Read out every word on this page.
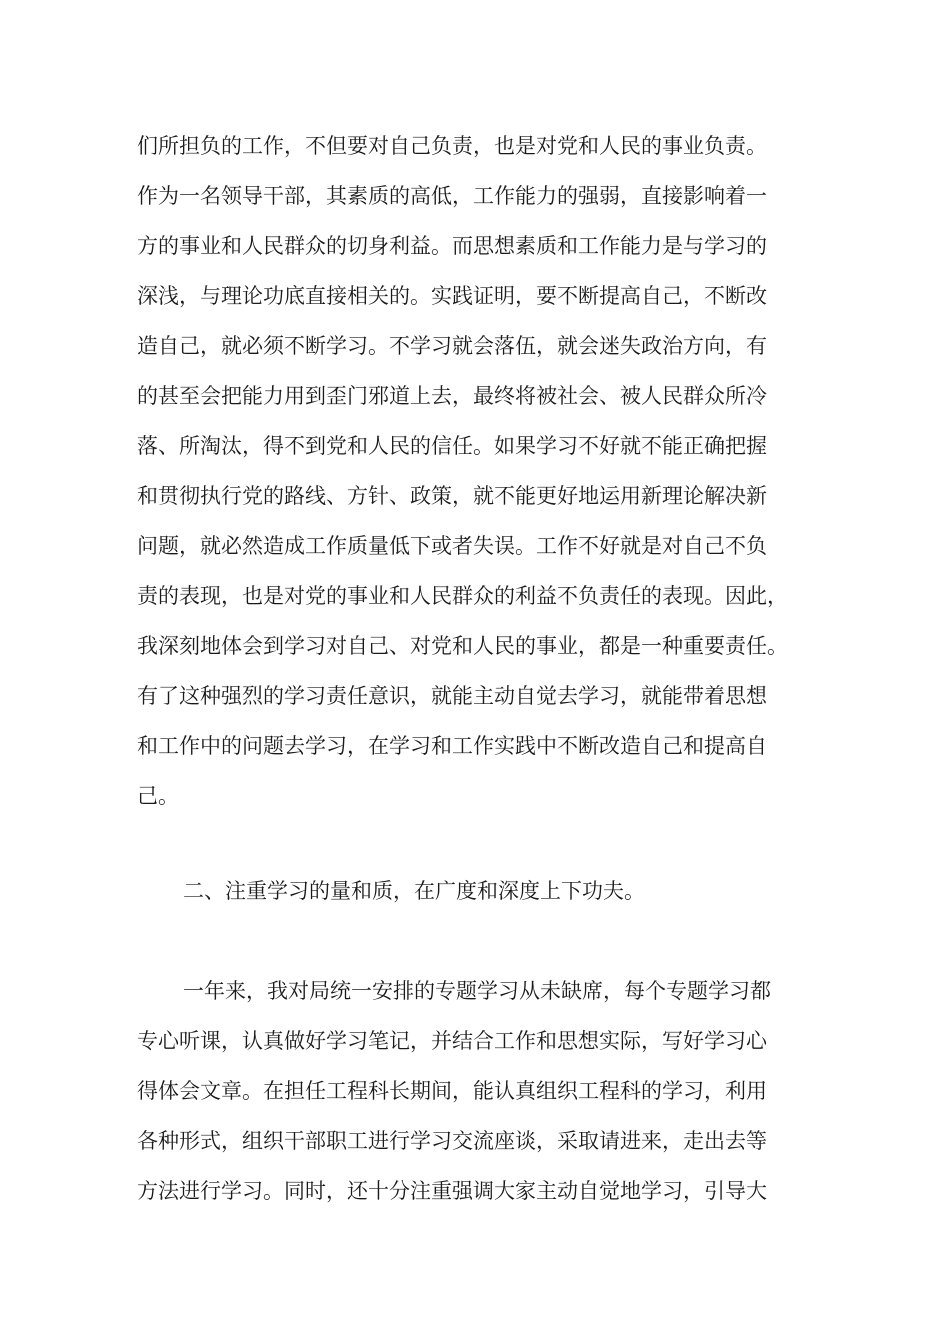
们所担负的工作，不但要对自己负责，也是对党和人民的事业负责。
作为一名领导干部，其素质的高低，工作能力的强弱，直接影响着一
方的事业和人民群众的切身利益。而思想素质和工作能力是与学习的
深浅，与理论功底直接相关的。实践证明，要不断提高自己，不断改
造自己，就必须不断学习。不学习就会落伍，就会迷失政治方向，有
的甚至会把能力用到歪门邪道上去，最终将被社会、被人民群众所冷
落、所淘汰，得不到党和人民的信任。如果学习不好就不能正确把握
和贯彻执行党的路线、方针、政策，就不能更好地运用新理论解决新
问题，就必然造成工作质量低下或者失误。工作不好就是对自己不负
责的表现，也是对党的事业和人民群众的利益不负责任的表现。因此，
我深刻地体会到学习对自己、对党和人民的事业，都是一种重要责任。
有了这种强烈的学习责任意识，就能主动自觉去学习，就能带着思想
和工作中的问题去学习，在学习和工作实践中不断改造自己和提高自
己。
二、注重学习的量和质，在广度和深度上下功夫。
一年来，我对局统一安排的专题学习从未缺席，每个专题学习都
专心听课，认真做好学习笔记，并结合工作和思想实际，写好学习心
得体会文章。在担任工程科长期间，能认真组织工程科的学习，利用
各种形式，组织干部职工进行学习交流座谈，采取请进来，走出去等
方法进行学习。同时，还十分注重强调大家主动自觉地学习，引导大
